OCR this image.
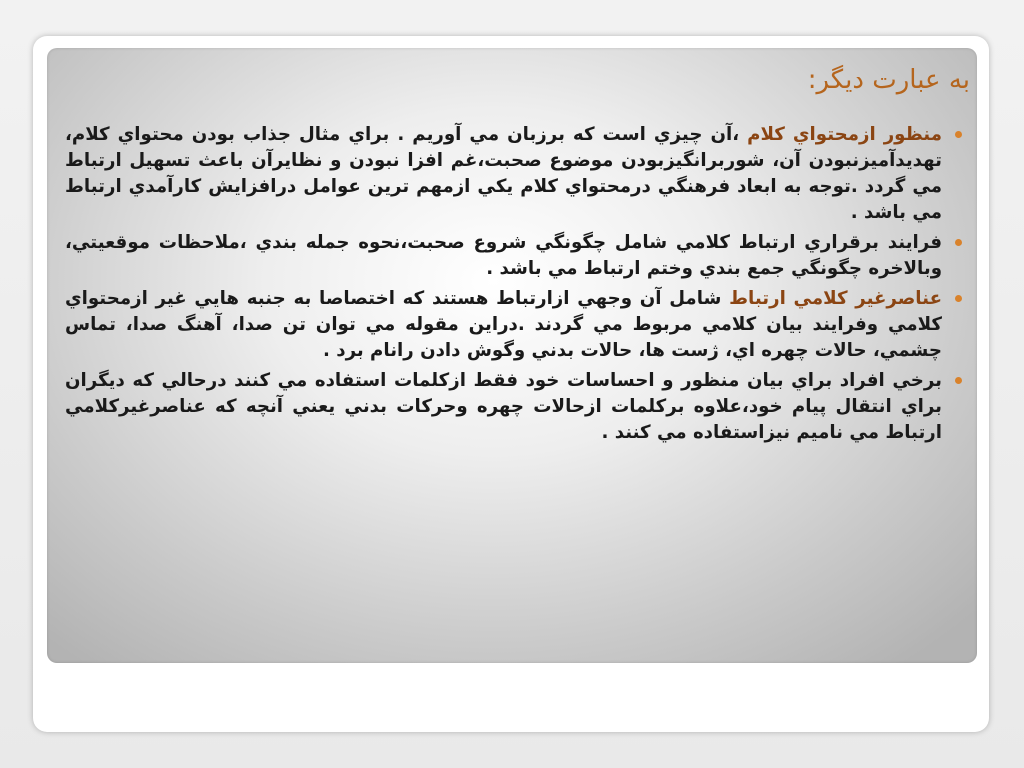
به عبارت ديگر:
منظور ازمحتواي كلام ،آن چيزي است كه برزبان مي آوريم . براي مثال جذاب بودن محتواي كلام، تهديدآميزنبودن آن، شوربرانگيزبودن موضوع صحبت،غم افزا نبودن و نظايرآن باعث تسهيل ارتباط مي گردد .توجه به ابعاد فرهنگي درمحتواي كلام يكي ازمهم ترين عوامل درافزايش كارآمدي ارتباط مي باشد .
فرايند برقراري ارتباط كلامي شامل چگونگي شروع صحبت،نحوه جمله بندي ،ملاحظات موقعيتي، وبالاخره چگونگي جمع بندي وختم ارتباط مي باشد .
عناصرغير كلامي ارتباط شامل آن وجهي ازارتباط هستند كه اختصاصا به جنبه هايي غير ازمحتواي كلامي وفرايند بيان كلامي مربوط مي گردند .دراين مقوله مي توان تن صدا، آهنگ صدا، تماس چشمي، حالات چهره اي، ژست ها، حالات بدني وگوش دادن رانام برد .
برخي افراد براي بيان منظور و احساسات خود فقط ازكلمات استفاده مي كنند درحالي كه ديگران براي انتقال پيام خود،علاوه بركلمات ازحالات چهره وحركات بدني يعني آنچه كه عناصرغيركلامي ارتباط مي ناميم نيزاستفاده مي كنند .
